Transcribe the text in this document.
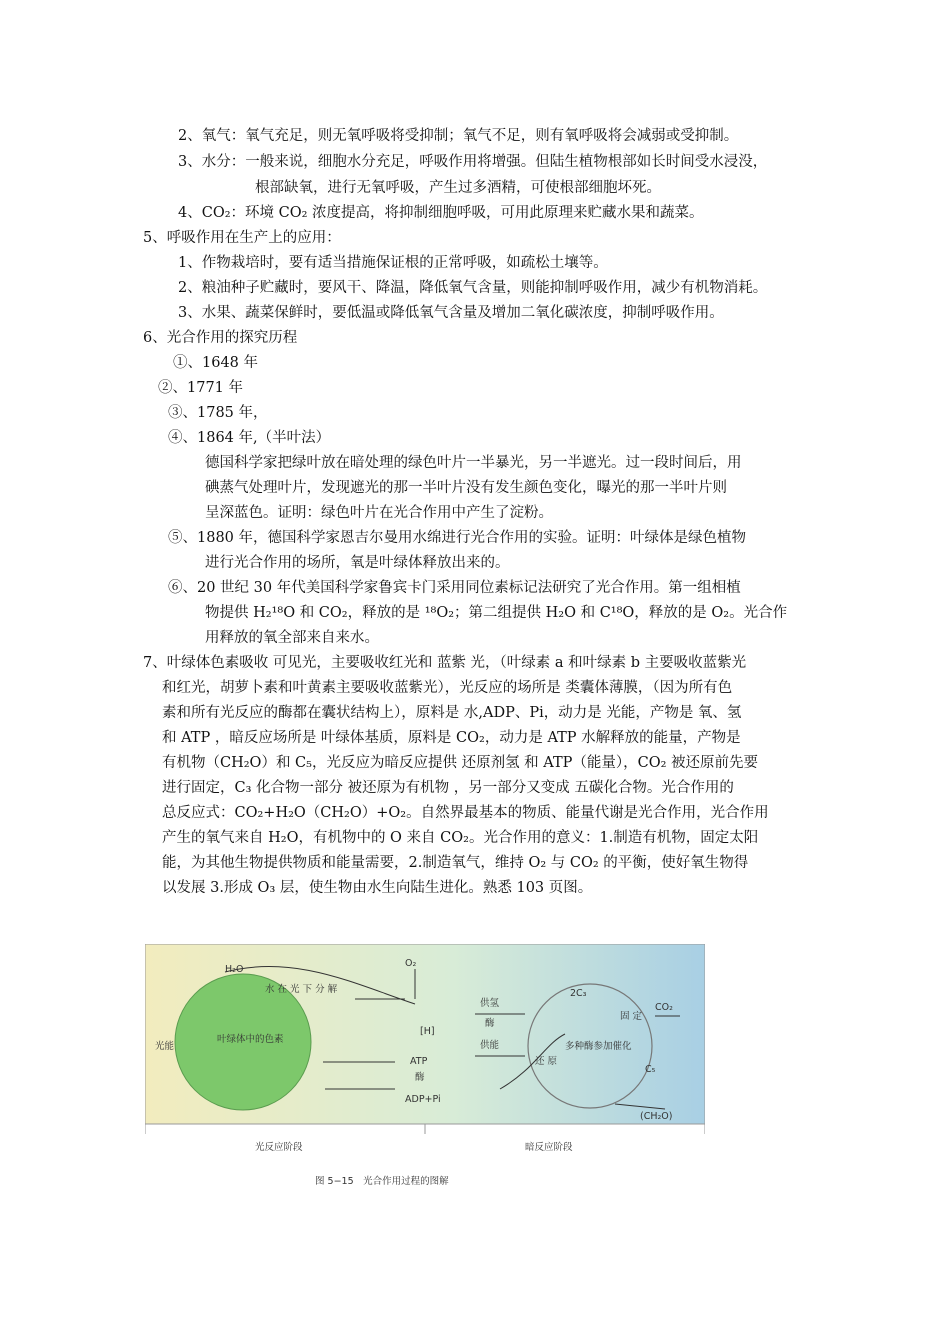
2、氧气：氧气充足，则无氧呼吸将受抑制；氧气不足，则有氧呼吸将会减弱或受抑制。
3、水分：一般来说，细胞水分充足，呼吸作用将增强。但陆生植物根部如长时间受水浸没，
根部缺氧，进行无氧呼吸，产生过多酒精，可使根部细胞坏死。
4、CO₂：环境 CO₂ 浓度提高，将抑制细胞呼吸，可用此原理来贮藏水果和蔬菜。
5、呼吸作用在生产上的应用：
1、作物栽培时，要有适当措施保证根的正常呼吸，如疏松土壤等。
2、粮油种子贮藏时，要风干、降温，降低氧气含量，则能抑制呼吸作用，减少有机物消耗。
3、水果、蔬菜保鲜时，要低温或降低氧气含量及增加二氧化碳浓度，抑制呼吸作用。
6、光合作用的探究历程
①、1648 年
②、1771 年
③、1785 年，
④、1864 年,（半叶法）
德国科学家把绿叶放在暗处理的绿色叶片一半暴光，另一半遮光。过一段时间后，用
碘蒸气处理叶片，发现遮光的那一半叶片没有发生颜色变化，曝光的那一半叶片则
呈深蓝色。证明：绿色叶片在光合作用中产生了淀粉。
⑤、1880 年，德国科学家恩吉尔曼用水绵进行光合作用的实验。证明：叶绿体是绿色植物
进行光合作用的场所，氧是叶绿体释放出来的。
⑥、20 世纪 30 年代美国科学家鲁宾卡门采用同位素标记法研究了光合作用。第一组相植
物提供 H₂¹⁸O 和 CO₂，释放的是 ¹⁸O₂；第二组提供 H₂O 和 C¹⁸O，释放的是 O₂。光合作
用释放的氧全部来自来水。
7、叶绿体色素吸收 可见光，主要吸收红光和 蓝紫 光，（叶绿素 a 和叶绿素 b 主要吸收蓝紫光
和红光，胡萝卜素和叶黄素主要吸收蓝紫光），光反应的场所是 类囊体薄膜，（因为所有色
素和所有光反应的酶都在囊状结构上），原料是 水,ADP、Pi，动力是 光能，产物是 氧、氢
和 ATP ，暗反应场所是 叶绿体基质，原料是 CO₂，动力是 ATP 水解释放的能量，产物是
有机物（CH₂O）和 C₅，光反应为暗反应提供 还原剂氢 和 ATP（能量），CO₂ 被还原前先要
进行固定，C₃ 化合物一部分 被还原为有机物 ，另一部分又变成 五碳化合物。光合作用的
总反应式：CO₂+H₂O（CH₂O）+O₂。自然界最基本的物质、能量代谢是光合作用，光合作用
产生的氧气来自 H₂O，有机物中的 O 来自 CO₂。光合作用的意义：1.制造有机物，固定太阳
能，为其他生物提供物质和能量需要，2.制造氧气，维持 O₂ 与 CO₂ 的平衡，使好氧生物得
以发展 3.形成 O₃ 层，使生物由水生向陆生进化。熟悉 103 页图。
H₂O
O₂
水 在 光 下 分 解
[H]
叶绿体中的色素
光能
ATP
酶
ADP+Pi
供氢
酶
供能
2C₃
CO₂
固 定
C₅
多种酶参加催化
还 原
(CH₂O)
光反应阶段	暗反应阶段
图 5−15　光合作用过程的图解
